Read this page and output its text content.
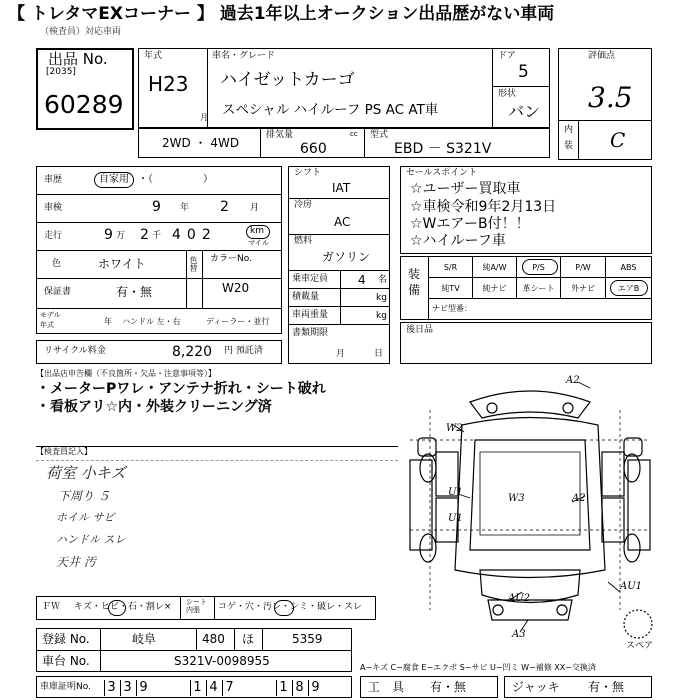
【 トレタマEXコーナー 】 過去1年以上オークション出品歴がない車両
（検査員）対応車両
出品 No.
[2035]
60289
年式
H23
月
車名・グレード
ハイゼットカーゴ
スペシャル ハイルーフ PS AC AT車
ドア
5
形状
バン
評価点
3.5
内
装 C
2WD ・ 4WD
排気量	cc
660
型式
EBD － S321V
車歴	自家用 ・（　　　　　）
車検	9 年 2 月
走行	9 万 2 千 402	km
マイル
色	ホワイト	色替 カラーNo.
W20
保証書	有・無
モデル
年式	年 ハンドル 左・右	ディーラー・並行
リサイクル料金	8,220 円 預託済
シフト
IAT
冷房
AC
燃料
ガソリン
乗車定員 4 名
積載量	kg
車両重量	kg
書類期限
月	日
セールスポイント
☆ユーザー買取車
☆車検令和9年2月13日
☆WエアーB付！！
☆ハイルーフ車
装
備
S/R	純A/W	P/S	P/W	ABS
純TV	純ナビ	革シート	外ナビ	エアB
ナビ型番：
後日品
【出品店申告欄（不良箇所・欠品・注意事項等）】
・メーターPワレ・アンテナ折れ・シート破れ
・看板アリ☆内・外装クリーニング済
【検査員記入】
荷室 小キズ
下周り ５
ホイル サビ
ハンドル スレ
天井 汚
A2
W2
U1
U1
W3	A2
AU1
AU2
A3
スペア
ＦＷ キズ・ヒビ・石・割レ× シート
内張	コゲ・穴・汚レ・シミ・破レ・スレ
登録 No.	岐阜	480 ほ	5359
車台 No.	S321V-0098955	A−キズ C−腐食 E−エクボ S−サビ U−凹ミ W−補修 XX−交換済
車庫証明No. 3 3 9	1 4 7	1 8 9	工　具 有・無	ジャッキ 有・無
